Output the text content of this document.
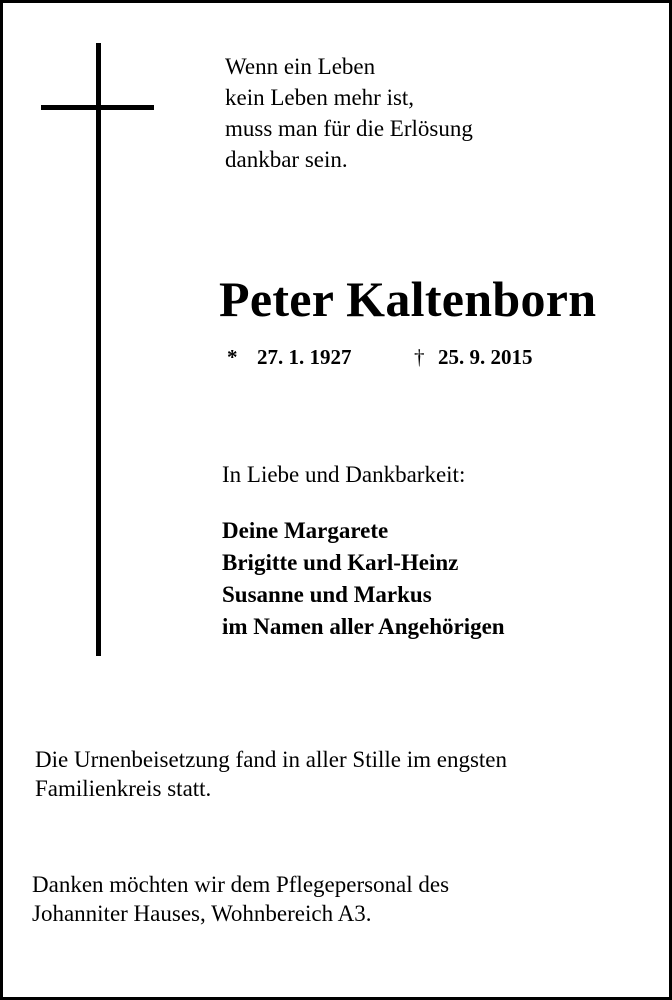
Wenn ein Leben
kein Leben mehr ist,
muss man für die Erlösung
dankbar sein.
Peter Kaltenborn
* 27. 1. 1927	† 25. 9. 2015
In Liebe und Dankbarkeit:
Deine Margarete
Brigitte und Karl-Heinz
Susanne und Markus
im Namen aller Angehörigen
Die Urnenbeisetzung fand in aller Stille im engsten
Familienkreis statt.
Danken möchten wir dem Pflegepersonal des
Johanniter Hauses, Wohnbereich A3.
